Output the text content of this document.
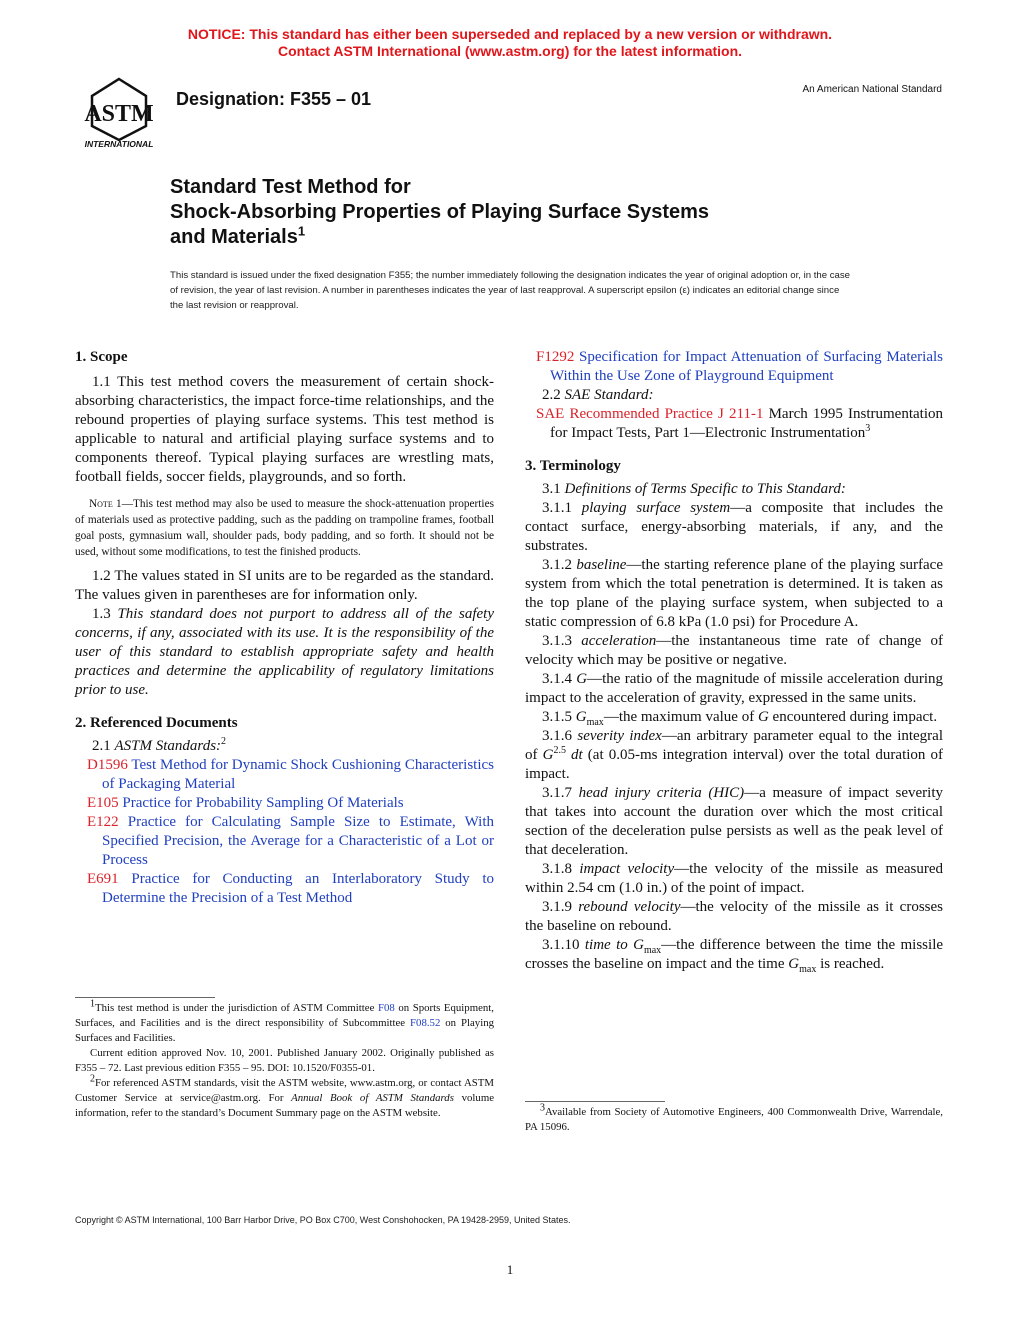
NOTICE: This standard has either been superseded and replaced by a new version or withdrawn.
Contact ASTM International (www.astm.org) for the latest information.
ASTM
INTERNATIONAL
Designation: F355 – 01	An American National Standard
Standard Test Method for
Shock-Absorbing Properties of Playing Surface Systems
and Materials$^1$
This standard is issued under the fixed designation F355; the number immediately following the designation indicates the year of original adoption or, in the case of revision, the year of last revision. A number in parentheses indicates the year of last reapproval. A superscript epsilon (ε) indicates an editorial change since the last revision or reapproval.
1. Scope

1.1 This test method covers the measurement of certain shock-absorbing characteristics, the impact force-time relationships, and the rebound properties of playing surface systems. This test method is applicable to natural and artificial playing surface systems and to components thereof. Typical playing surfaces are wrestling mats, football fields, soccer fields, playgrounds, and so forth.

Note 1—This test method may also be used to measure the shock-attenuation properties of materials used as protective padding, such as the padding on trampoline frames, football goal posts, gymnasium wall, shoulder pads, body padding, and so forth. It should not be used, without some modifications, to test the finished products.

1.2 The values stated in SI units are to be regarded as the standard. The values given in parentheses are for information only.

1.3 This standard does not purport to address all of the safety concerns, if any, associated with its use. It is the responsibility of the user of this standard to establish appropriate safety and health practices and determine the applicability of regulatory limitations prior to use.

2. Referenced Documents

2.1 ASTM Standards:$^2$

D1596 Test Method for Dynamic Shock Cushioning Characteristics of Packaging Material

E105 Practice for Probability Sampling Of Materials

E122 Practice for Calculating Sample Size to Estimate, With Specified Precision, the Average for a Characteristic of a Lot or Process

E691 Practice for Conducting an Interlaboratory Study to Determine the Precision of a Test Method

$^1$This test method is under the jurisdiction of ASTM Committee F08 on Sports Equipment, Surfaces, and Facilities and is the direct responsibility of Subcommittee F08.52 on Playing Surfaces and Facilities.

Current edition approved Nov. 10, 2001. Published January 2002. Originally published as F355 – 72. Last previous edition F355 – 95. DOI: 10.1520/F0355-01.

$^2$For referenced ASTM standards, visit the ASTM website, www.astm.org, or contact ASTM Customer Service at service@astm.org. For Annual Book of ASTM Standards volume information, refer to the standard’s Document Summary page on the ASTM website.

F1292 Specification for Impact Attenuation of Surfacing Materials Within the Use Zone of Playground Equipment

2.2 SAE Standard:

SAE Recommended Practice J 211-1 March 1995 Instrumentation for Impact Tests, Part 1—Electronic Instrumentation$^3$

3. Terminology

3.1 Definitions of Terms Specific to This Standard:

3.1.1 playing surface system—a composite that includes the contact surface, energy-absorbing materials, if any, and the substrates.

3.1.2 baseline—the starting reference plane of the playing surface system from which the total penetration is determined. It is taken as the top plane of the playing surface system, when subjected to a static compression of 6.8 kPa (1.0 psi) for Procedure A.

3.1.3 acceleration—the instantaneous time rate of change of velocity which may be positive or negative.

3.1.4 G—the ratio of the magnitude of missile acceleration during impact to the acceleration of gravity, expressed in the same units.

3.1.5 $G_{max}—the$ maximum value of G encountered during impact.

3.1.6 severity index—an arbitrary parameter equal to the integral of $G^{2.5}$ dt (at 0.05-ms integration interval) over the total duration of impact.

3.1.7 head injury criteria (HIC)—a measure of impact severity that takes into account the duration over which the most critical section of the deceleration pulse persists as well as the peak level of that deceleration.

3.1.8 impact velocity—the velocity of the missile as measured within 2.54 cm (1.0 in.) of the point of impact.

3.1.9 rebound velocity—the velocity of the missile as it crosses the baseline on rebound.

3.1.10 time to $G_{max}—the$ difference between the time the missile crosses the baseline on impact and the time $G_{max}$ is reached.

$^3$Available from Society of Automotive Engineers, 400 Commonwealth Drive, Warrendale, PA 15096.

Copyright © ASTM International, 100 Barr Harbor Drive, PO Box C700, West Conshohocken, PA 19428-2959, United States.
1
